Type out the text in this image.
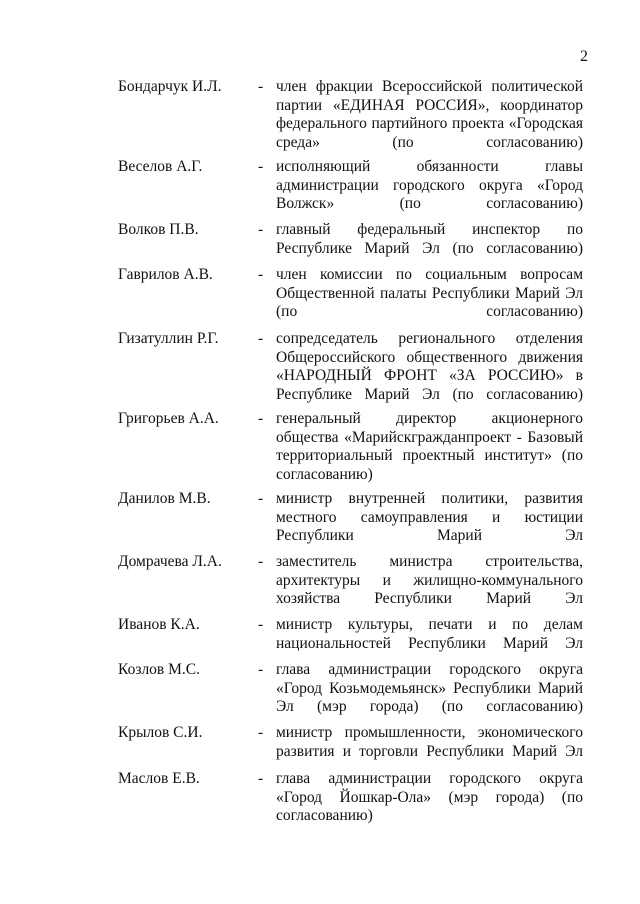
2
Бондарчук И.Л. - член фракции Всероссийской политической партии «ЕДИНАЯ РОССИЯ», координатор федерального партийного проекта «Городская среда» (по согласованию)
Веселов А.Г.	- исполняющий обязанности главы администрации городского округа «Город Волжск» (по согласованию)
Волков П.В.	- главный федеральный инспектор по Республике Марий Эл (по согласованию)
Гаврилов А.В.	- член комиссии по социальным вопросам Общественной палаты Республики Марий Эл (по согласованию)
Гизатуллин Р.Г.	- сопредседатель регионального отделения Общероссийского общественного движения «НАРОДНЫЙ ФРОНТ «ЗА РОССИЮ» в Республике Марий Эл (по согласованию)
Григорьев А.А.	- генеральный директор акционерного общества «Марийскгражданпроект - Базовый территориальный проектный институт» (по согласованию)
Данилов М.В.	- министр внутренней политики, развития местного самоуправления и юстиции Республики Марий Эл
Домрачева Л.А. - заместитель министра строительства, архитектуры и жилищно-коммунального хозяйства Республики Марий Эл
Иванов К.А.	- министр культуры, печати и по делам национальностей Республики Марий Эл
Козлов М.С.	- глава администрации городского округа «Город Козьмодемьянск» Республики Марий Эл (мэр города) (по согласованию)
Крылов С.И.	- министр промышленности, экономического развития и торговли Республики Марий Эл
Маслов Е.В.	- глава администрации городского округа «Город Йошкар-Ола» (мэр города) (по согласованию)
